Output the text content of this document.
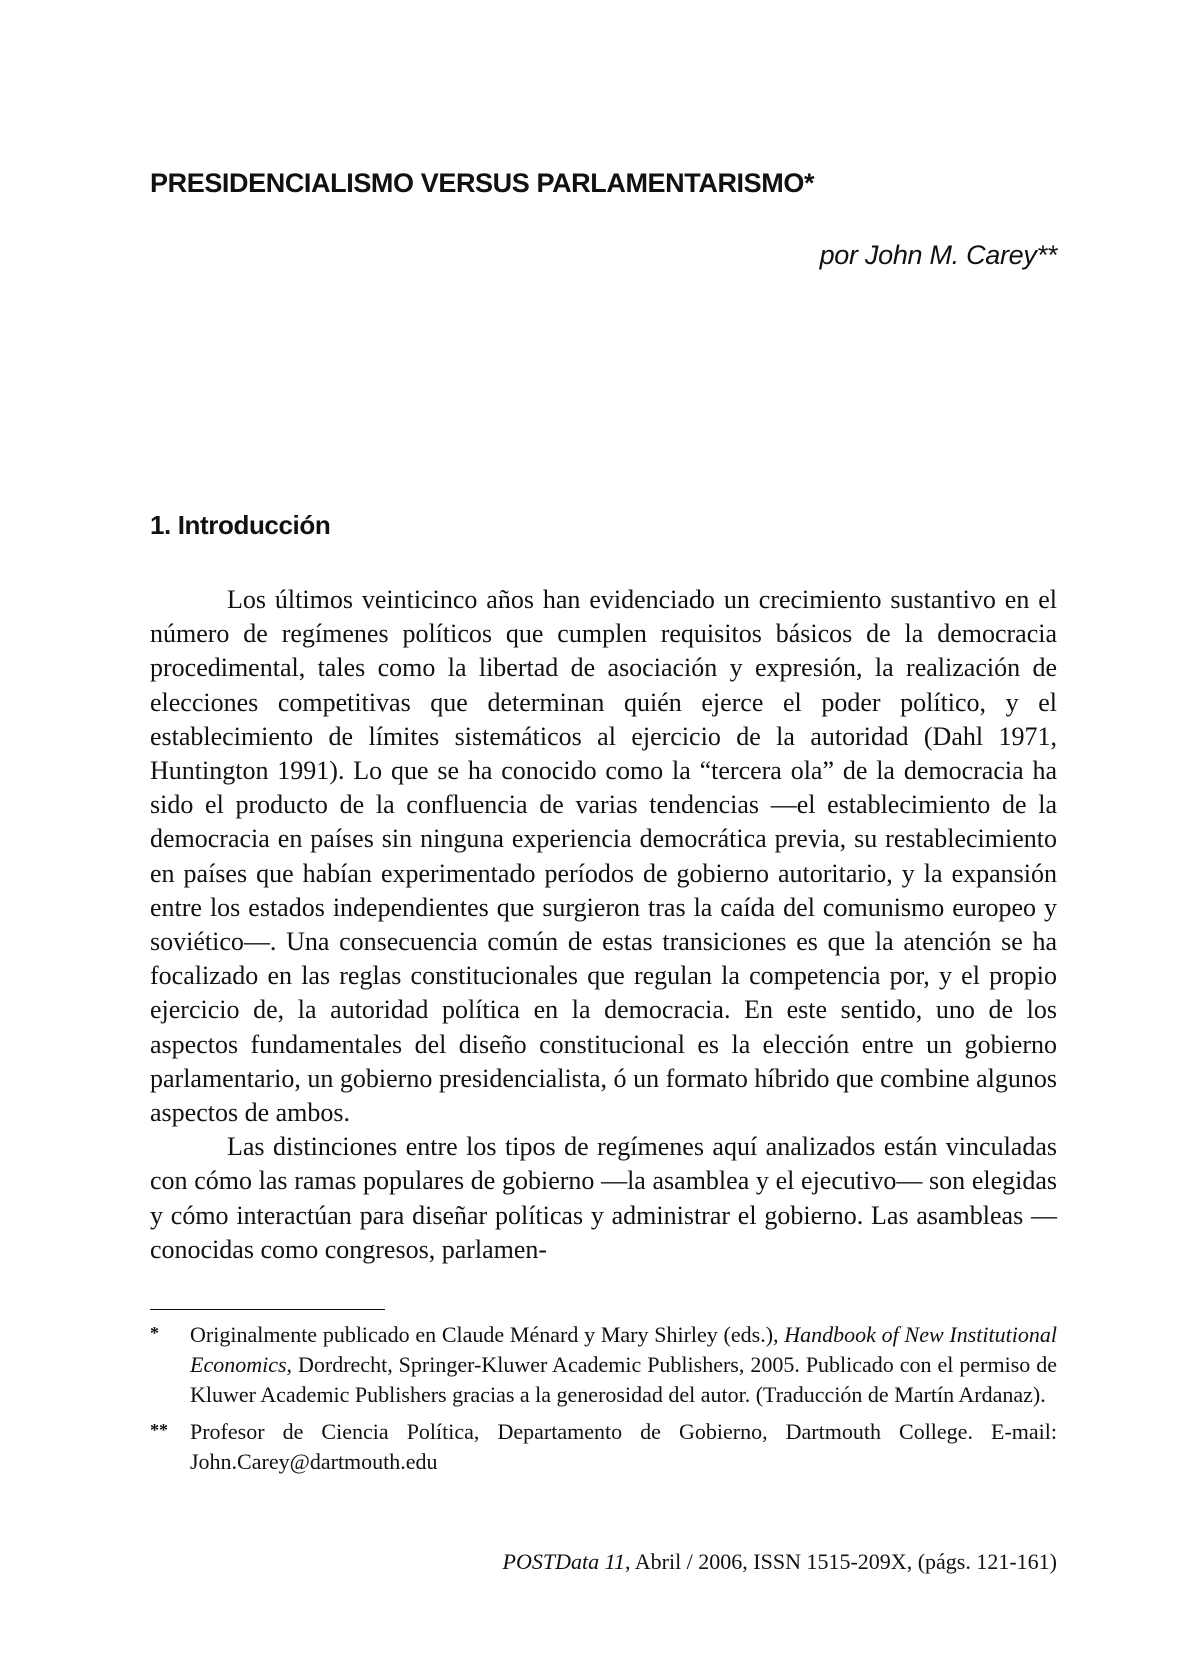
PRESIDENCIALISMO VERSUS PARLAMENTARISMO*
por John M. Carey**
1. Introducción

Los últimos veinticinco años han evidenciado un crecimiento sustantivo en el número de regímenes políticos que cumplen requisitos básicos de la democracia procedimental, tales como la libertad de asociación y expresión, la realización de elecciones competitivas que determinan quién ejerce el poder político, y el establecimiento de límites sistemáticos al ejercicio de la autoridad (Dahl 1971, Huntington 1991). Lo que se ha conocido como la “tercera ola” de la democracia ha sido el producto de la confluencia de varias tendencias —el establecimiento de la democracia en países sin ninguna experiencia democrática previa, su restablecimiento en países que habían experimentado períodos de gobierno autoritario, y la expansión entre los estados independientes que surgieron tras la caída del comunismo europeo y soviético—. Una consecuencia común de estas transiciones es que la atención se ha focalizado en las reglas constitucionales que regulan la competencia por, y el propio ejercicio de, la autoridad política en la democracia. En este sentido, uno de los aspectos fundamentales del diseño constitucional es la elección entre un gobierno parlamentario, un gobierno presidencialista, ó un formato híbrido que combine algunos aspectos de ambos.

Las distinciones entre los tipos de regímenes aquí analizados están vinculadas con cómo las ramas populares de gobierno —la asamblea y el ejecutivo— son elegidas y cómo interactúan para diseñar políticas y administrar el gobierno. Las asambleas —conocidas como congresos, parlamen-

* Originalmente publicado en Claude Ménard y Mary Shirley (eds.), Handbook of New Institutional Economics, Dordrecht, Springer-Kluwer Academic Publishers, 2005. Publicado con el permiso de Kluwer Academic Publishers gracias a la generosidad del autor. (Traducción de Martín Ardanaz).
** Profesor de Ciencia Política, Departamento de Gobierno, Dartmouth College. E-mail: John.Carey@dartmouth.edu
POSTData 11, Abril / 2006, ISSN 1515-209X, (págs. 121-161)
